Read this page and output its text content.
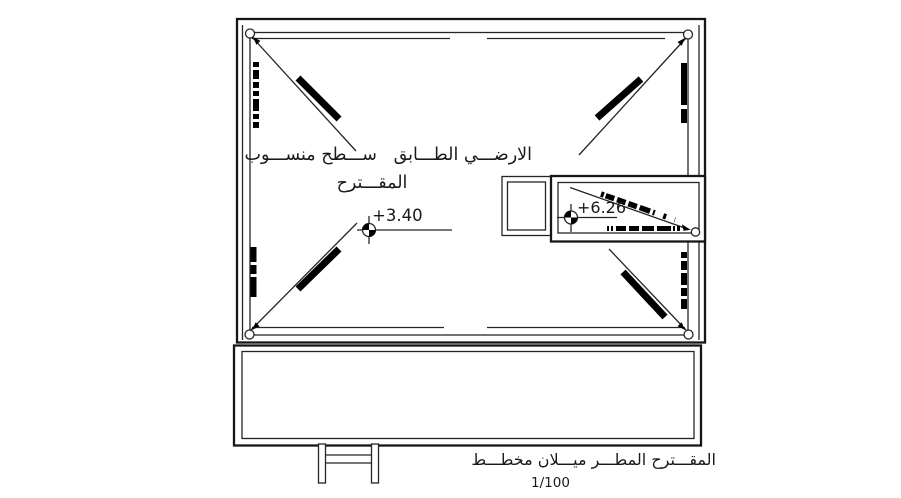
الارضـــي الطـــابق   ســـطح منســـوب
المقـــترح
+3.40	+6.26
المقـــترح المطـــر ميـــلان مخطـــط
1/100
